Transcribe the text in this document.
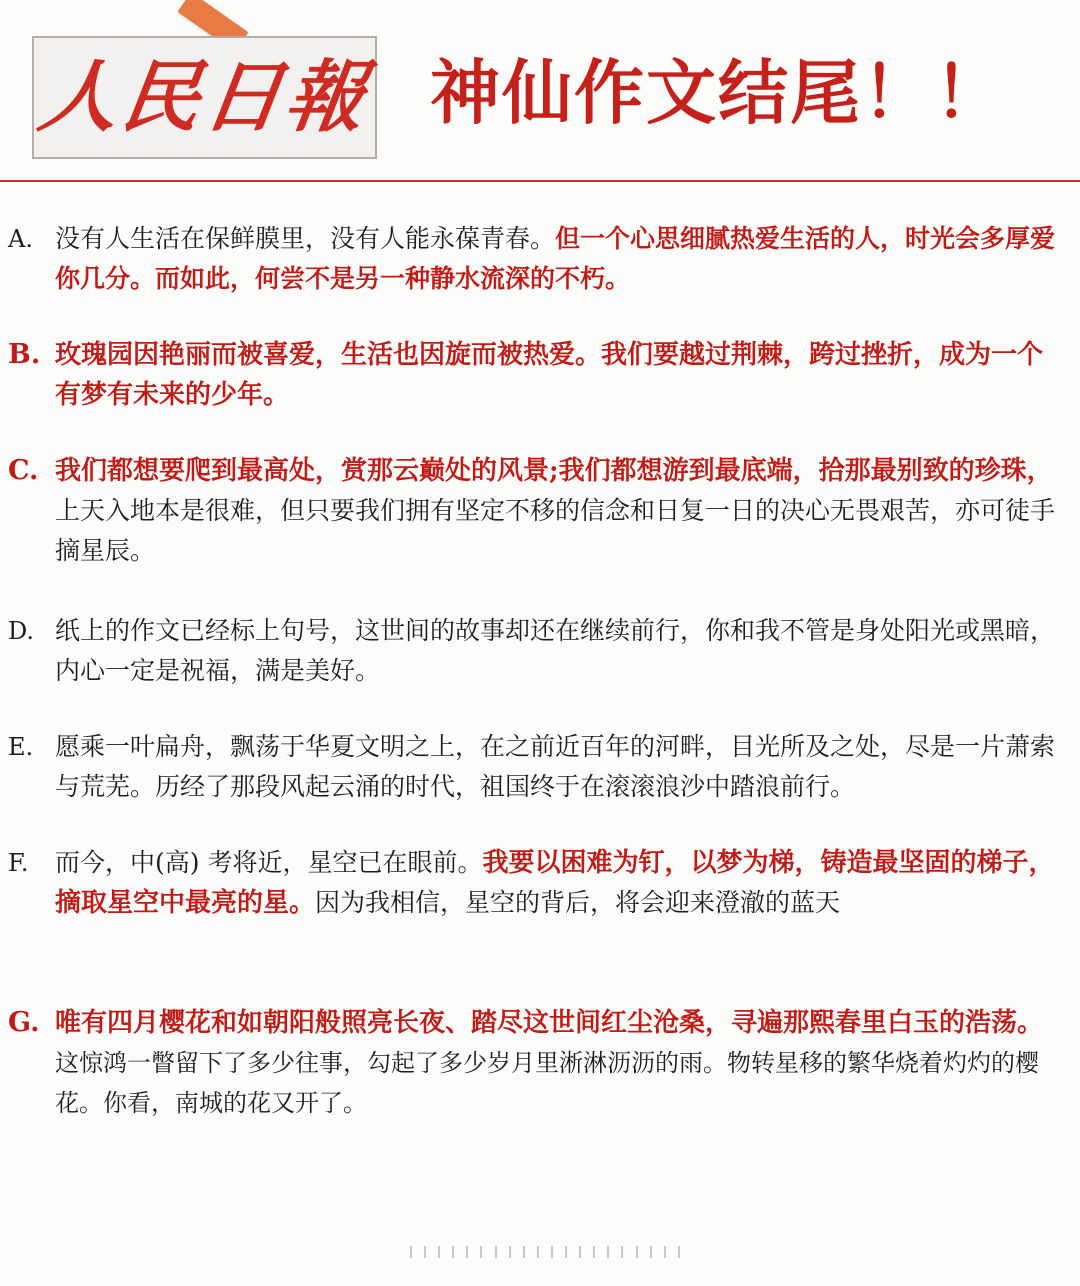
人民日報 神仙作文结尾！！
A. 没有人生活在保鲜膜里，没有人能永葆青春。但一个心思细腻热爱生活的人，时光会多厚爱你几分。而如此，何尝不是另一种静水流深的不朽。
B. 玫瑰园因艳丽而被喜爱，生活也因旋而被热爱。我们要越过荆棘，跨过挫折，成为一个有梦有未来的少年。
C. 我们都想要爬到最高处，赏那云巅处的风景;我们都想游到最底端，拾那最别致的珍珠，上天入地本是很难，但只要我们拥有坚定不移的信念和日复一日的决心无畏艰苦，亦可徒手摘星辰。
D. 纸上的作文已经标上句号，这世间的故事却还在继续前行，你和我不管是身处阳光或黑暗，内心一定是祝福，满是美好。
E. 愿乘一叶扁舟，飘荡于华夏文明之上，在之前近百年的河畔，目光所及之处，尽是一片萧索与荒芜。历经了那段风起云涌的时代，祖国终于在滚滚浪沙中踏浪前行。
F.	而今，中(高) 考将近，星空已在眼前。我要以困难为钉，以梦为梯，铸造最坚固的梯子，摘取星空中最亮的星。因为我相信，星空的背后，将会迎来澄澈的蓝天
G. 唯有四月樱花和如朝阳般照亮长夜、踏尽这世间红尘沧桑，寻遍那熙春里白玉的浩荡。这惊鸿一瞥留下了多少往事，勾起了多少岁月里淅淋沥沥的雨。物转星移的繁华烧着灼灼的樱花。你看，南城的花又开了。
